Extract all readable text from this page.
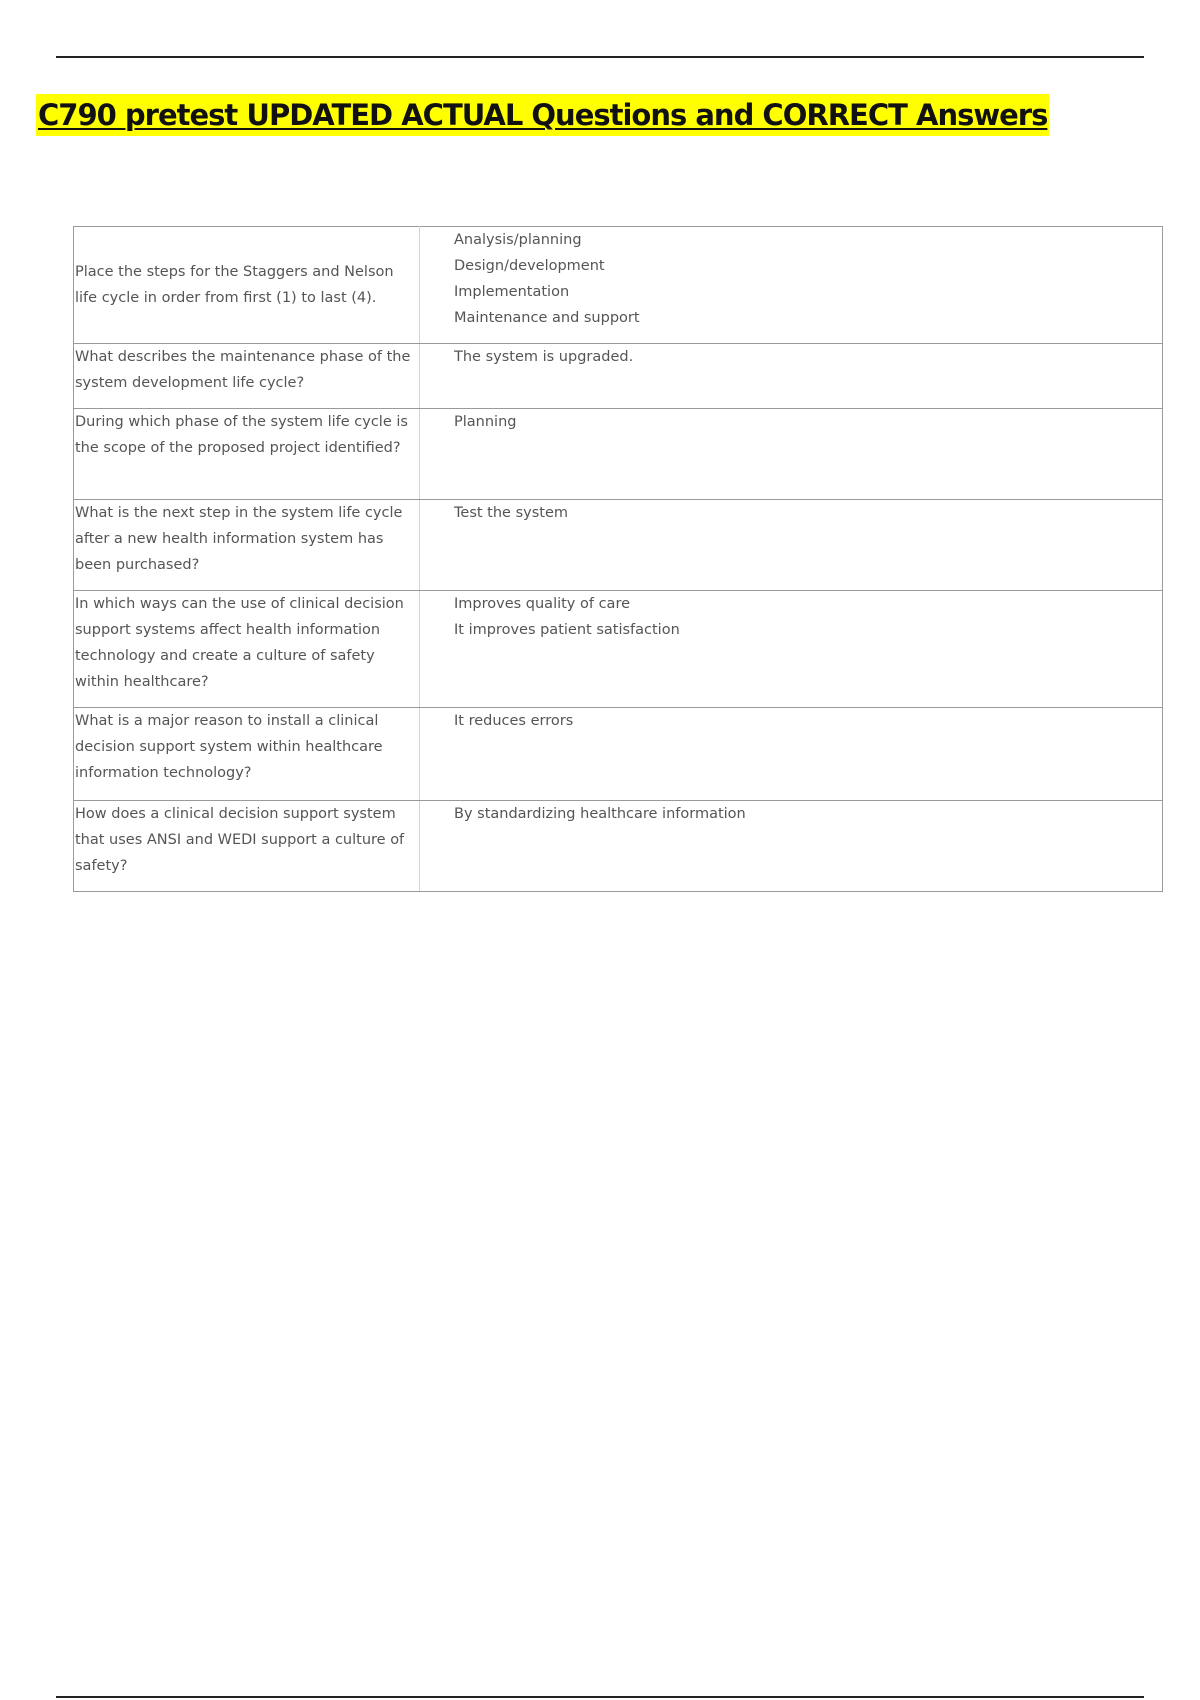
C790 pretest UPDATED ACTUAL Questions and CORRECT Answers
Place the steps for the Staggers and Nelson life cycle in order from first (1) to last (4).	Analysis/planning
Design/development
Implementation
Maintenance and support

What describes the maintenance phase of the system development life cycle?	The system is upgraded.

During which phase of the system life cycle is the scope of the proposed project identified?	Planning

What is the next step in the system life cycle after a new health information system has been purchased?	Test the system

In which ways can the use of clinical decision support systems affect health information technology and create a culture of safety within healthcare?	Improves quality of care
It improves patient satisfaction

What is a major reason to install a clinical decision support system within healthcare information technology?	It reduces errors

How does a clinical decision support system that uses ANSI and WEDI support a culture of safety?	By standardizing healthcare information
